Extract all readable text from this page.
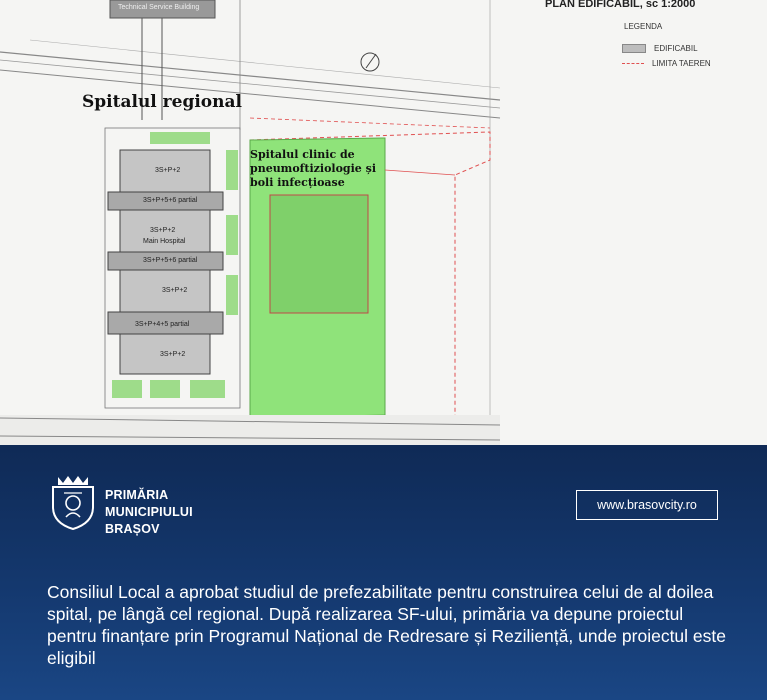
PLAN EDIFICABIL, sc 1:2000
LEGENDA
EDIFICABIL
LIMITA TAEREN
Spitalul regional
Spitalul clinic de pneumoftiziologie și boli infecțioase
Technical Service Building
3S+P+2
3S+P+5+6 partial
3S+P+2
Main Hospital
3S+P+5+6 partial
3S+P+2
3S+P+4+5 partial
3S+P+2
PRIMĂRIA
MUNICIPIULUI
BRAȘOV
www.brasovcity.ro
Consiliul Local a aprobat studiul de prefezabilitate pentru construirea celui de al doilea spital, pe lângă cel regional. După realizarea SF-ului, primăria va depune proiectul pentru finanțare prin Programul Național de Redresare și Reziliență, unde proiectul este eligibil
